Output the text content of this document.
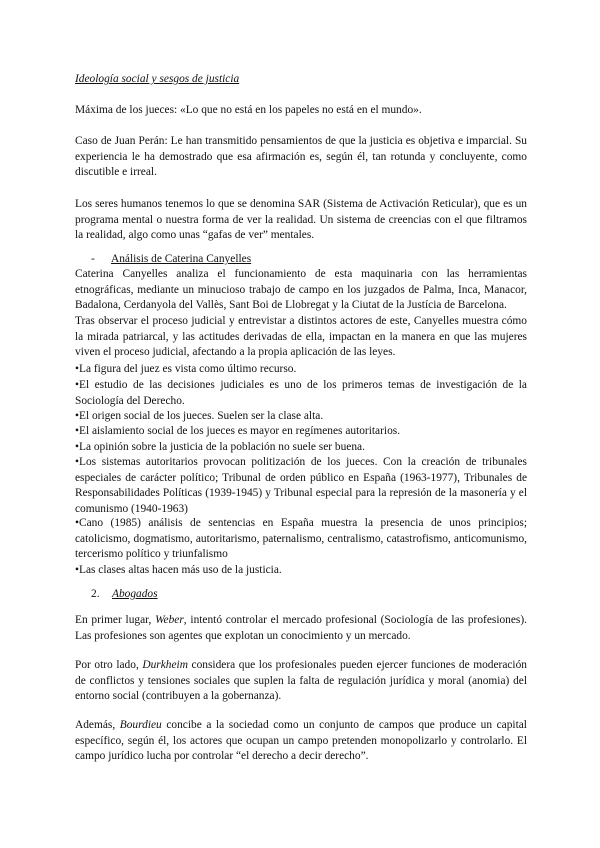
Ideología social y sesgos de justicia

Máxima de los jueces: «Lo que no está en los papeles no está en el mundo».

Caso de Juan Perán: Le han transmitido pensamientos de que la justicia es objetiva e imparcial. Su experiencia le ha demostrado que esa afirmación es, según él, tan rotunda y concluyente, como discutible e irreal.

Los seres humanos tenemos lo que se denomina SAR (Sistema de Activación Reticular), que es un programa mental o nuestra forma de ver la realidad. Un sistema de creencias con el que filtramos la realidad, algo como unas “gafas de ver” mentales.

- Análisis de Caterina Canyelles

Caterina Canyelles analiza el funcionamiento de esta maquinaria con las herramientas etnográficas, mediante un minucioso trabajo de campo en los juzgados de Palma, Inca, Manacor, Badalona, Cerdanyola del Vallès, Sant Boi de Llobregat y la Ciutat de la Justícia de Barcelona.

Tras observar el proceso judicial y entrevistar a distintos actores de este, Canyelles muestra cómo la mirada patriarcal, y las actitudes derivadas de ella, impactan en la manera en que las mujeres viven el proceso judicial, afectando a la propia aplicación de las leyes.

•La figura del juez es vista como último recurso.

•El estudio de las decisiones judiciales es uno de los primeros temas de investigación de la Sociología del Derecho.

•El origen social de los jueces. Suelen ser la clase alta.

•El aislamiento social de los jueces es mayor en regímenes autoritarios.

•La opinión sobre la justicia de la población no suele ser buena.

•Los sistemas autoritarios provocan politización de los jueces. Con la creación de tribunales especiales de carácter político; Tribunal de orden público en España (1963-1977), Tribunales de Responsabilidades Políticas (1939-1945) y Tribunal especial para la represión de la masonería y el comunismo (1940-1963)

•Cano (1985) análisis de sentencias en España muestra la presencia de unos principios; catolicismo, dogmatismo, autoritarismo, paternalismo, centralismo, catastrofismo, anticomunismo, tercerismo político y triunfalismo

•Las clases altas hacen más uso de la justicia.

2. Abogados

En primer lugar, Weber, intentó controlar el mercado profesional (Sociología de las profesiones). Las profesiones son agentes que explotan un conocimiento y un mercado.

Por otro lado, Durkheim considera que los profesionales pueden ejercer funciones de moderación de conflictos y tensiones sociales que suplen la falta de regulación jurídica y moral (anomia) del entorno social (contribuyen a la gobernanza).

Además, Bourdieu concibe a la sociedad como un conjunto de campos que produce un capital específico, según él, los actores que ocupan un campo pretenden monopolizarlo y controlarlo. El campo jurídico lucha por controlar “el derecho a decir derecho”.
